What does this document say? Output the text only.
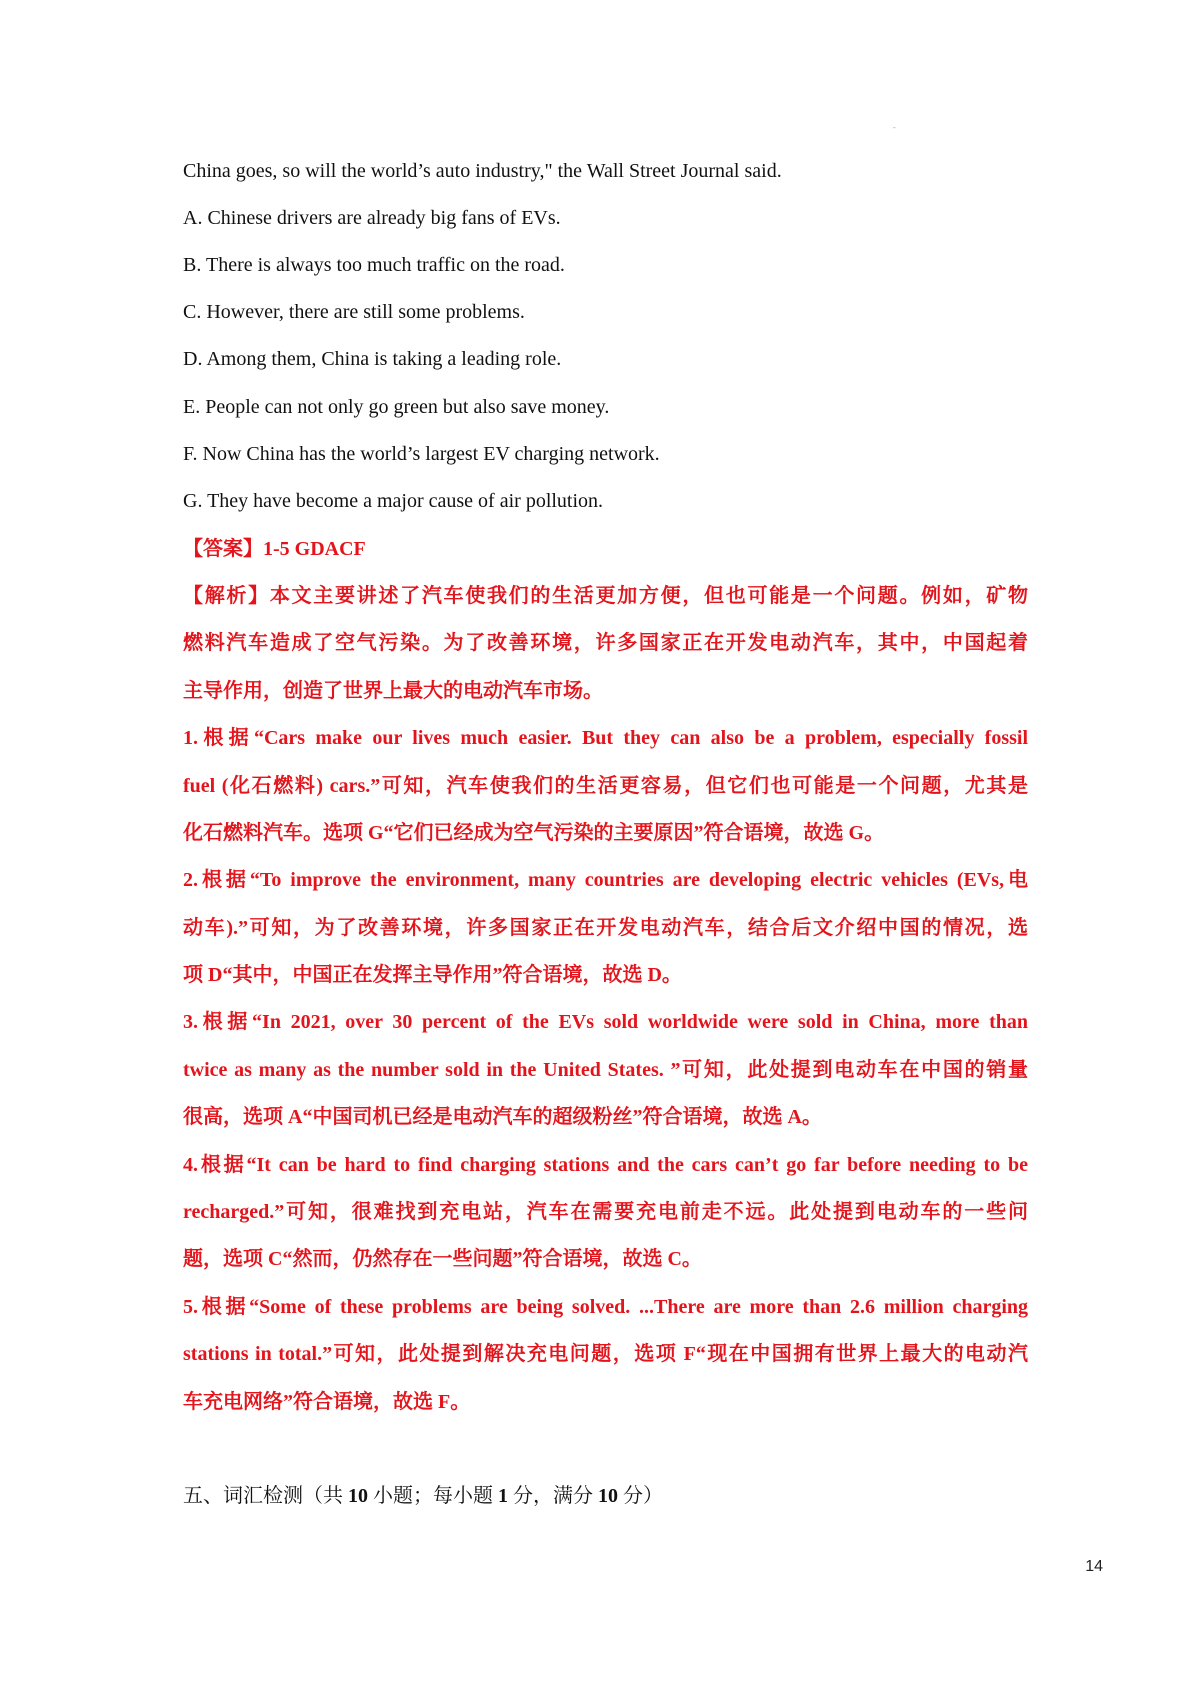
-
China goes, so will the world’s auto industry," the Wall Street Journal said.
A. Chinese drivers are already big fans of EVs.
B. There is always too much traffic on the road.
C. However, there are still some problems.
D. Among them, China is taking a leading role.
E. People can not only go green but also save money.
F. Now China has the world’s largest EV charging network.
G. They have become a major cause of air pollution.
【答案】1-5 GDACF
【解析】本文主要讲述了汽车使我们的生活更加方便，但也可能是一个问题。例如，矿物
燃料汽车造成了空气污染。为了改善环境，许多国家正在开发电动汽车，其中，中国起着
主导作用，创造了世界上最大的电动汽车市场。
1.根据“Cars make our lives much easier. But they can also be a problem, especially fossil
fuel (化石燃料) cars.”可知，汽车使我们的生活更容易，但它们也可能是一个问题，尤其是
化石燃料汽车。选项 G“它们已经成为空气污染的主要原因”符合语境，故选 G。
2.根据“To improve the environment, many countries are developing electric vehicles (EVs,电
动车).”可知，为了改善环境，许多国家正在开发电动汽车，结合后文介绍中国的情况，选
项 D“其中，中国正在发挥主导作用”符合语境，故选 D。
3.根据“In 2021, over 30 percent of the EVs sold worldwide were sold in China, more than
twice as many as the number sold in the United States. ”可知，此处提到电动车在中国的销量
很高，选项 A“中国司机已经是电动汽车的超级粉丝”符合语境，故选 A。
4.根据“It can be hard to find charging stations and the cars can’t go far before needing to be
recharged.”可知，很难找到充电站，汽车在需要充电前走不远。此处提到电动车的一些问
题，选项 C“然而，仍然存在一些问题”符合语境，故选 C。
5.根据“Some of these problems are being solved. ...There are more than 2.6 million charging
stations in total.”可知，此处提到解决充电问题，选项 F“现在中国拥有世界上最大的电动汽
车充电网络”符合语境，故选 F。
五、词汇检测（共 10 小题；每小题 1 分，满分 10 分）
14
